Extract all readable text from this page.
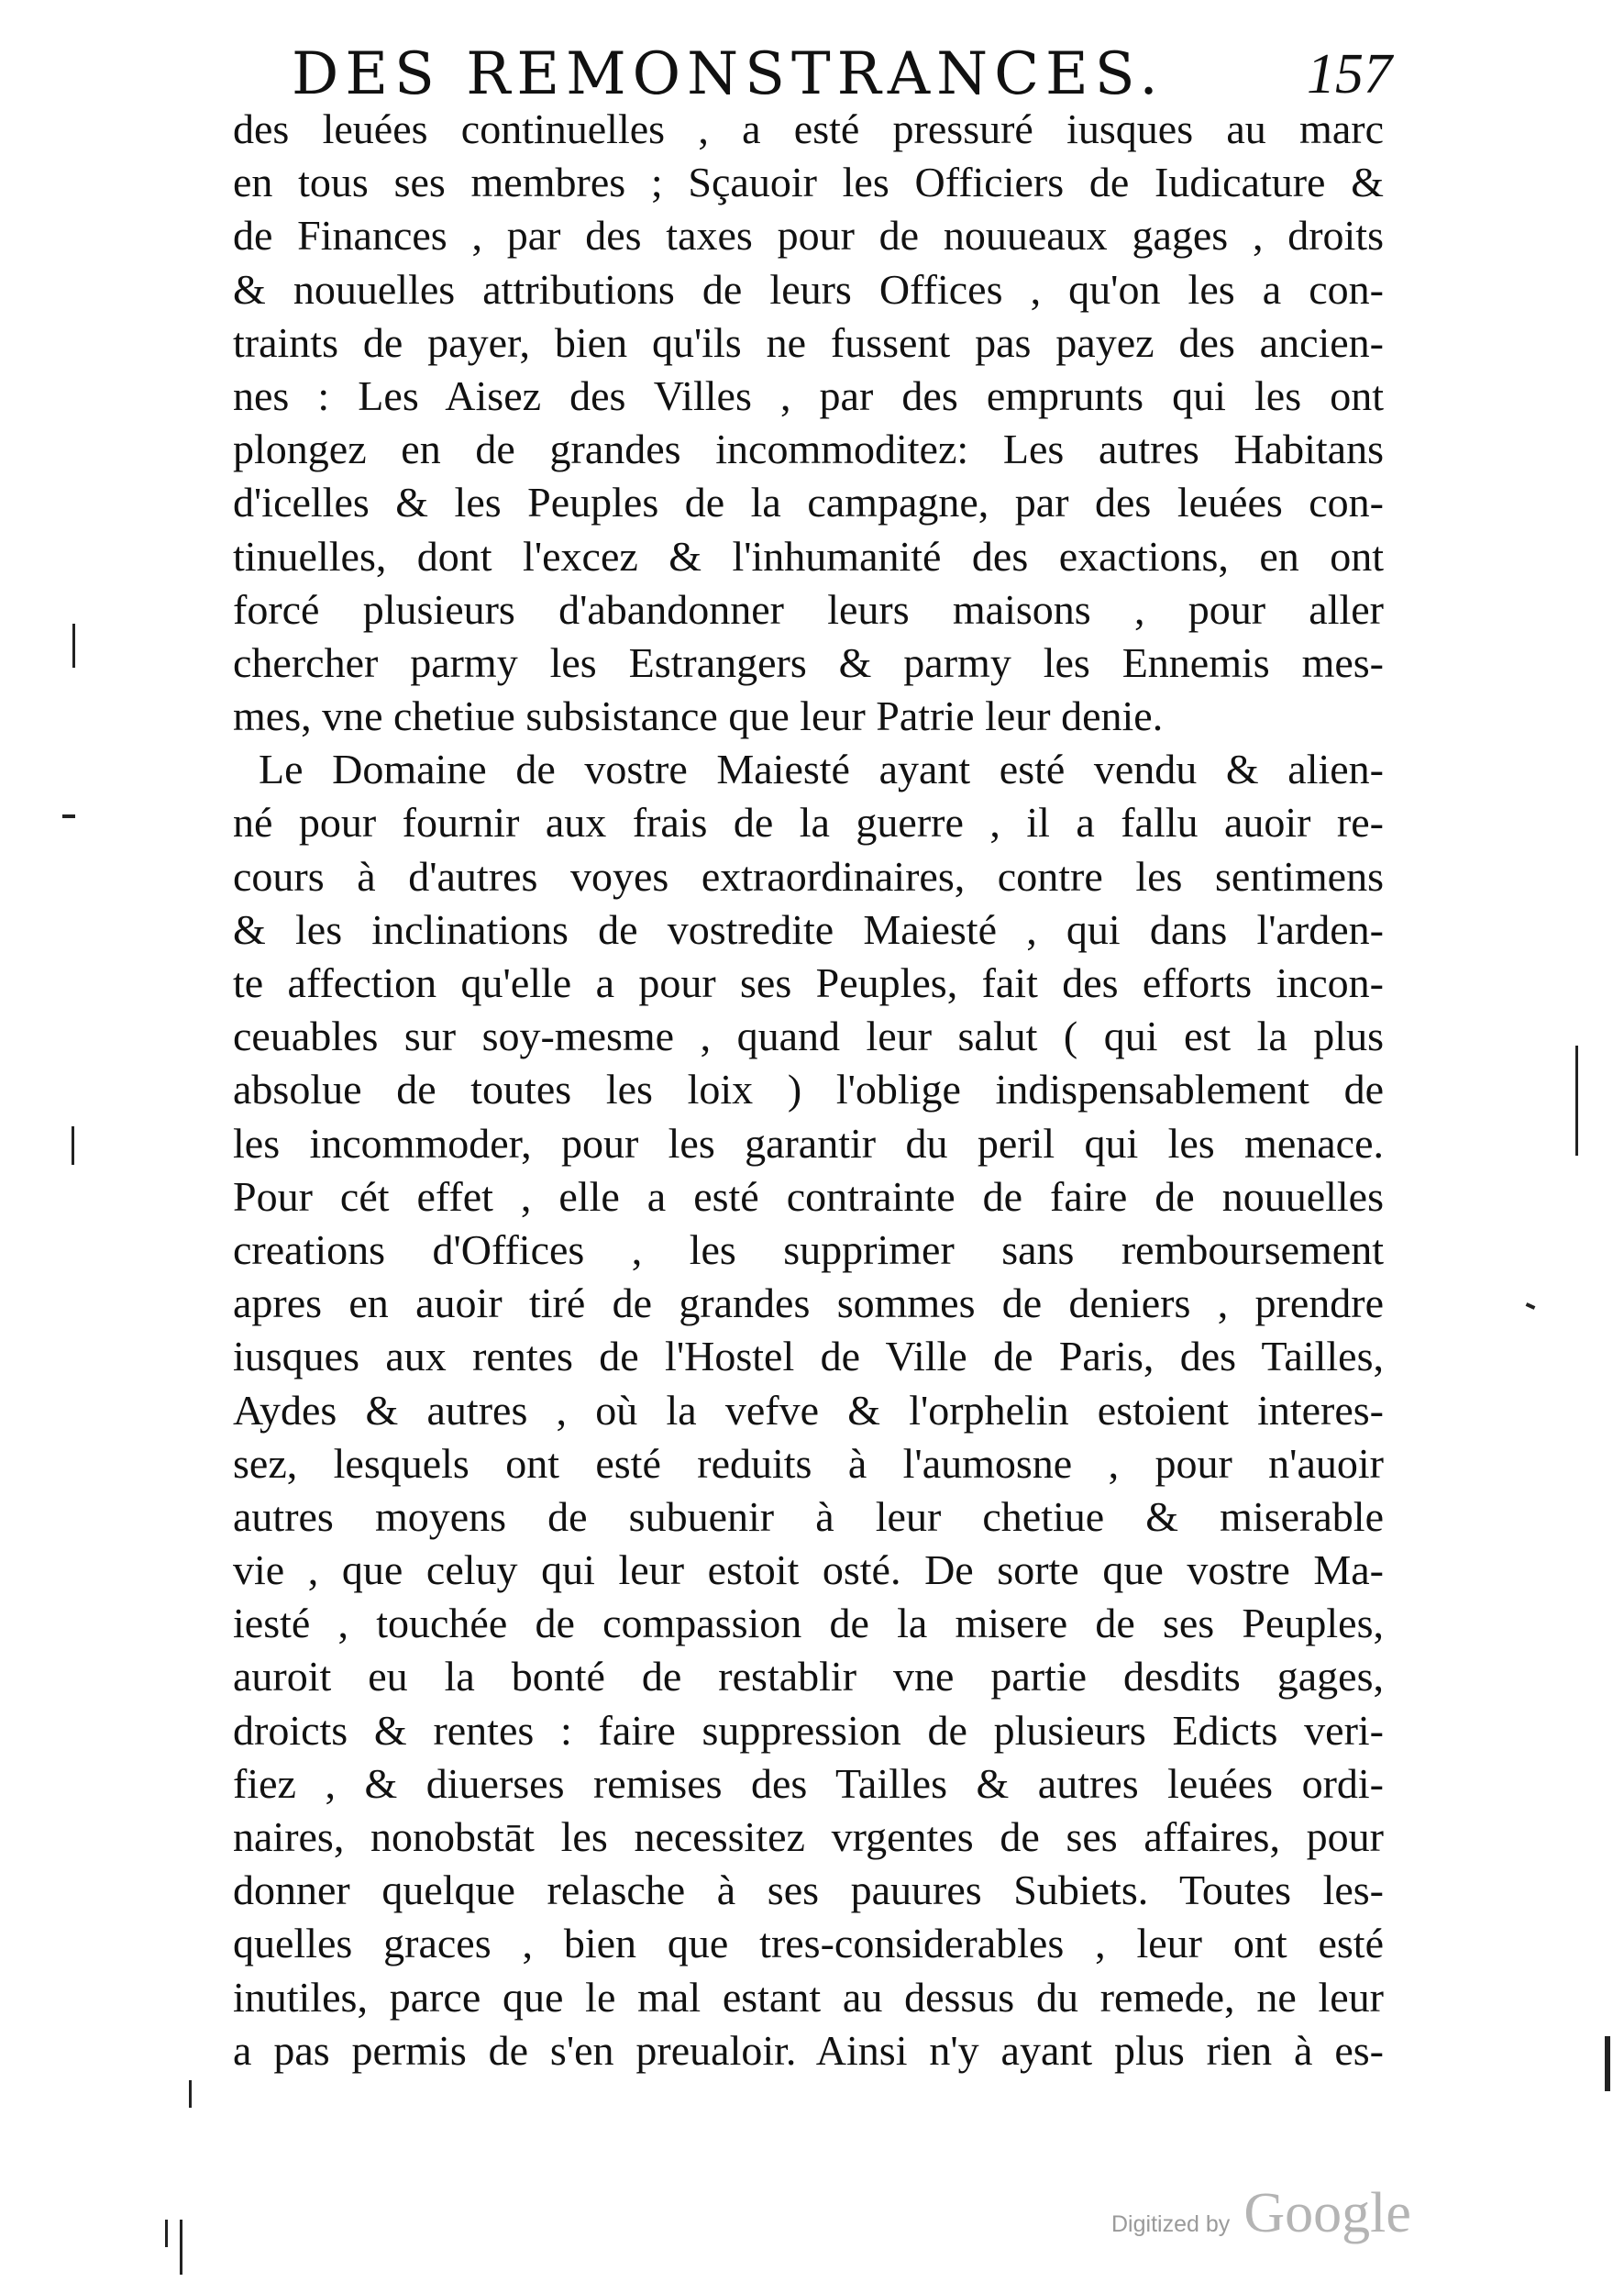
DES REMONSTRANCES.	157
des leuées continuelles , a esté pressuré iusques au marc
en tous ses membres ; Sçauoir les Officiers de Iudicature &
de Finances , par des taxes pour de nouueaux gages , droits
& nouuelles attributions de leurs Offices , qu'on les a con-
traints de payer, bien qu'ils ne fussent pas payez des ancien-
nes : Les Aisez des Villes , par des emprunts qui les ont
plongez en de grandes incommoditez: Les autres Habitans
d'icelles & les Peuples de la campagne, par des leuées con-
tinuelles, dont l'excez & l'inhumanité des exactions, en ont
forcé plusieurs d'abandonner leurs maisons , pour aller
chercher parmy les Estrangers & parmy les Ennemis mes-
mes, vne chetiue subsistance que leur Patrie leur denie.
Le Domaine de vostre Maiesté ayant esté vendu & alien-
né pour fournir aux frais de la guerre , il a fallu auoir re-
cours à d'autres voyes extraordinaires, contre les sentimens
& les inclinations de vostredite Maiesté , qui dans l'arden-
te affection qu'elle a pour ses Peuples, fait des efforts incon-
ceuables sur soy-mesme , quand leur salut ( qui est la plus
absolue de toutes les loix ) l'oblige indispensablement de
les incommoder, pour les garantir du peril qui les menace.
Pour cét effet , elle a esté contrainte de faire de nouuelles
creations d'Offices , les supprimer sans remboursement
apres en auoir tiré de grandes sommes de deniers , prendre
iusques aux rentes de l'Hostel de Ville de Paris, des Tailles,
Aydes & autres , où la vefve & l'orphelin estoient interes-
sez, lesquels ont esté reduits à l'aumosne , pour n'auoir
autres moyens de subuenir à leur chetiue & miserable
vie , que celuy qui leur estoit osté. De sorte que vostre Ma-
iesté , touchée de compassion de la misere de ses Peuples,
auroit eu la bonté de restablir vne partie desdits gages,
droicts & rentes : faire suppression de plusieurs Edicts veri-
fiez , & diuerses remises des Tailles & autres leuées ordi-
naires, nonobstāt les necessitez vrgentes de ses affaires, pour
donner quelque relasche à ses pauures Subiets. Toutes les-
quelles graces , bien que tres-considerables , leur ont esté
inutiles, parce que le mal estant au dessus du remede, ne leur
a pas permis de s'en preualoir. Ainsi n'y ayant plus rien à es-
Digitized by Google
